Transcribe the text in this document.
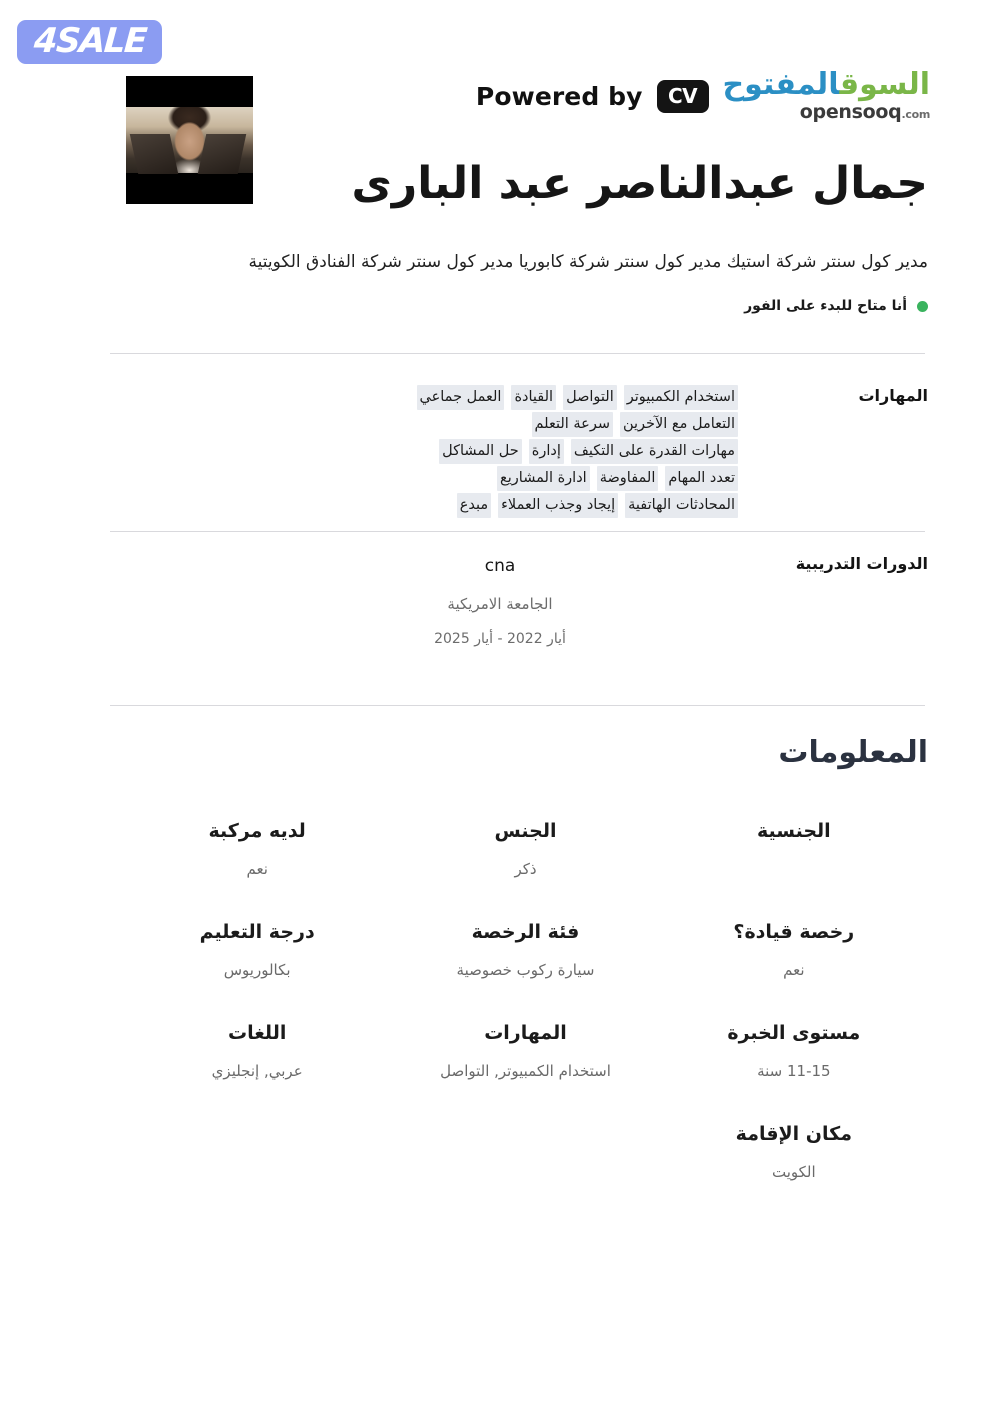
4SALE
Powered by CV	السوقالمفتوح
opensooq.com
جمال عبدالناصر عبد البارى
مدير كول سنتر شركة استيك مدير كول سنتر شركة كابوريا مدير كول سنتر شركة الفنادق الكويتية
أنا متاح للبدء على الفور
المهارات
استخدام الكمبيوتر
التواصل
القيادة
العمل جماعي
التعامل مع الآخرين
سرعة التعلم
مهارات القدرة على التكيف
إدارة
حل المشاكل
تعدد المهام
المفاوضة
ادارة المشاريع
المحادثات الهاتفية
إيجاد وجذب العملاء
مبدع
الدورات التدريبية
cna
الجامعة الامريكية
أيار 2022 - أيار 2025
المعلومات
الجنسية
الجنس
ذكر
لديه مركبة
نعم
رخصة قيادة؟
نعم
فئة الرخصة
سيارة ركوب خصوصية
درجة التعليم
بكالوريوس
مستوى الخبرة
11-15 سنة
المهارات
استخدام الكمبيوتر, التواصل
اللغات
عربي, إنجليزي
مكان الإقامة
الكويت
